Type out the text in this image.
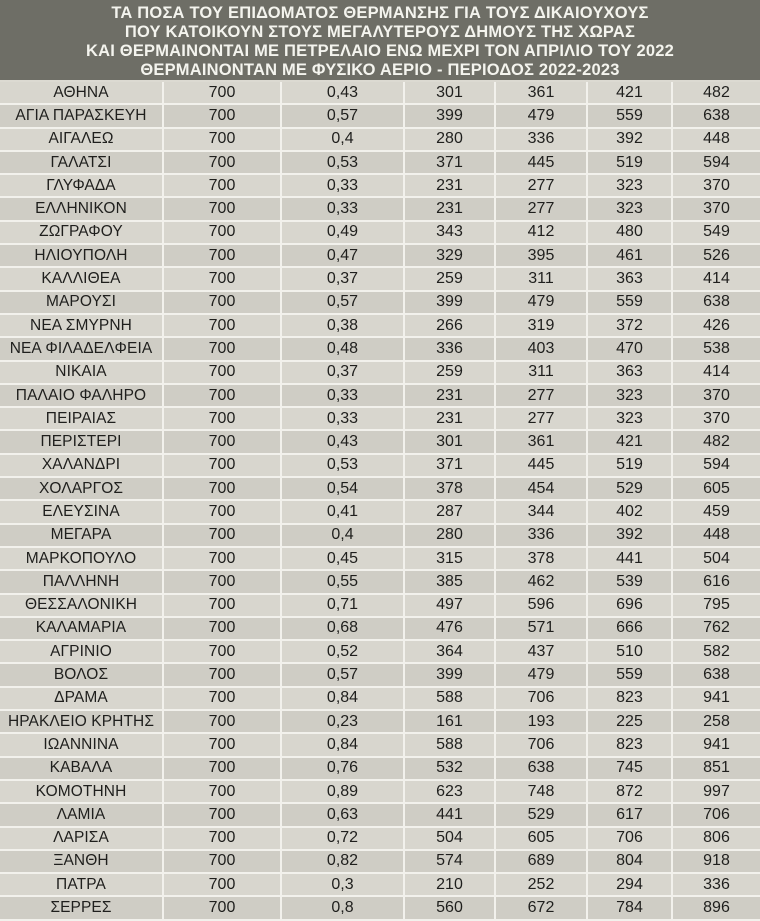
ΤΑ ΠΟΣΑ ΤΟΥ ΕΠΙΔΟΜΑΤΟΣ ΘΕΡΜΑΝΣΗΣ ΓΙΑ ΤΟΥΣ ΔΙΚΑΙΟΥΧΟΥΣ
ΠΟΥ ΚΑΤΟΙΚΟΥΝ ΣΤΟΥΣ ΜΕΓΑΛΥΤΕΡΟΥΣ ΔΗΜΟΥΣ ΤΗΣ ΧΩΡΑΣ
ΚΑΙ ΘΕΡΜΑΙΝΟΝΤΑΙ ΜΕ ΠΕΤΡΕΛΑΙΟ ΕΝΩ ΜΕΧΡΙ ΤΟΝ ΑΠΡΙΛΙΟ ΤΟΥ 2022
ΘΕΡΜΑΙΝΟΝΤΑΝ ΜΕ ΦΥΣΙΚΟ ΑΕΡΙΟ - ΠΕΡΙΟΔΟΣ 2022-2023
ΑΘΗΝΑ	700	0,43	301	361	421	482
ΑΓΙΑ ΠΑΡΑΣΚΕΥΗ	700	0,57	399	479	559	638
ΑΙΓΑΛΕΩ	700	0,4	280	336	392	448
ΓΑΛΑΤΣΙ	700	0,53	371	445	519	594
ΓΛΥΦΑΔΑ	700	0,33	231	277	323	370
ΕΛΛΗΝΙΚΟΝ	700	0,33	231	277	323	370
ΖΩΓΡΑΦΟΥ	700	0,49	343	412	480	549
ΗΛΙΟΥΠΟΛΗ	700	0,47	329	395	461	526
ΚΑΛΛΙΘΕΑ	700	0,37	259	311	363	414
ΜΑΡΟΥΣΙ	700	0,57	399	479	559	638
ΝΕΑ ΣΜΥΡΝΗ	700	0,38	266	319	372	426
ΝΕΑ ΦΙΛΑΔΕΛΦΕΙΑ	700	0,48	336	403	470	538
ΝΙΚΑΙΑ	700	0,37	259	311	363	414
ΠΑΛΑΙΟ ΦΑΛΗΡΟ	700	0,33	231	277	323	370
ΠΕΙΡΑΙΑΣ	700	0,33	231	277	323	370
ΠΕΡΙΣΤΕΡΙ	700	0,43	301	361	421	482
ΧΑΛΑΝΔΡΙ	700	0,53	371	445	519	594
ΧΟΛΑΡΓΟΣ	700	0,54	378	454	529	605
ΕΛΕΥΣΙΝΑ	700	0,41	287	344	402	459
ΜΕΓΑΡΑ	700	0,4	280	336	392	448
ΜΑΡΚΟΠΟΥΛΟ	700	0,45	315	378	441	504
ΠΑΛΛΗΝΗ	700	0,55	385	462	539	616
ΘΕΣΣΑΛΟΝΙΚΗ	700	0,71	497	596	696	795
ΚΑΛΑΜΑΡΙΑ	700	0,68	476	571	666	762
ΑΓΡΙΝΙΟ	700	0,52	364	437	510	582
ΒΟΛΟΣ	700	0,57	399	479	559	638
ΔΡΑΜΑ	700	0,84	588	706	823	941
ΗΡΑΚΛΕΙΟ ΚΡΗΤΗΣ	700	0,23	161	193	225	258
ΙΩΑΝΝΙΝΑ	700	0,84	588	706	823	941
ΚΑΒΑΛΑ	700	0,76	532	638	745	851
ΚΟΜΟΤΗΝΗ	700	0,89	623	748	872	997
ΛΑΜΙΑ	700	0,63	441	529	617	706
ΛΑΡΙΣΑ	700	0,72	504	605	706	806
ΞΑΝΘΗ	700	0,82	574	689	804	918
ΠΑΤΡΑ	700	0,3	210	252	294	336
ΣΕΡΡΕΣ	700	0,8	560	672	784	896
